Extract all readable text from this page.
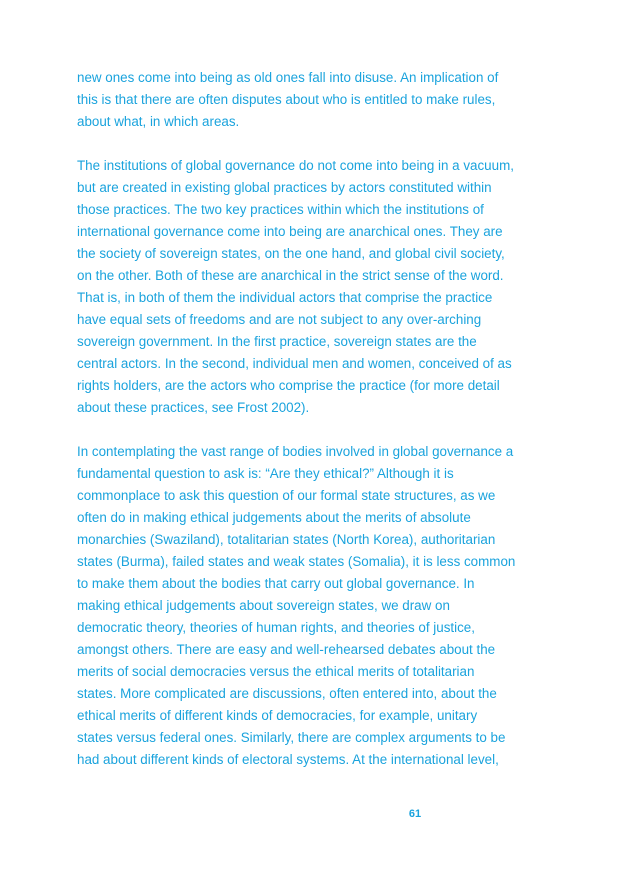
new ones come into being as old ones fall into disuse. An implication of
this is that there are often disputes about who is entitled to make rules,
about what, in which areas.

The institutions of global governance do not come into being in a vacuum,
but are created in existing global practices by actors constituted within
those practices. The two key practices within which the institutions of
international governance come into being are anarchical ones. They are
the society of sovereign states, on the one hand, and global civil society,
on the other. Both of these are anarchical in the strict sense of the word.
That is, in both of them the individual actors that comprise the practice
have equal sets of freedoms and are not subject to any over-arching
sovereign government. In the first practice, sovereign states are the
central actors. In the second, individual men and women, conceived of as
rights holders, are the actors who comprise the practice (for more detail
about these practices, see Frost 2002).

In contemplating the vast range of bodies involved in global governance a
fundamental question to ask is: “Are they ethical?” Although it is
commonplace to ask this question of our formal state structures, as we
often do in making ethical judgements about the merits of absolute
monarchies (Swaziland), totalitarian states (North Korea), authoritarian
states (Burma), failed states and weak states (Somalia), it is less common
to make them about the bodies that carry out global governance. In
making ethical judgements about sovereign states, we draw on
democratic theory, theories of human rights, and theories of justice,
amongst others. There are easy and well-rehearsed debates about the
merits of social democracies versus the ethical merits of totalitarian
states. More complicated are discussions, often entered into, about the
ethical merits of different kinds of democracies, for example, unitary
states versus federal ones. Similarly, there are complex arguments to be
had about different kinds of electoral systems. At the international level,

61
